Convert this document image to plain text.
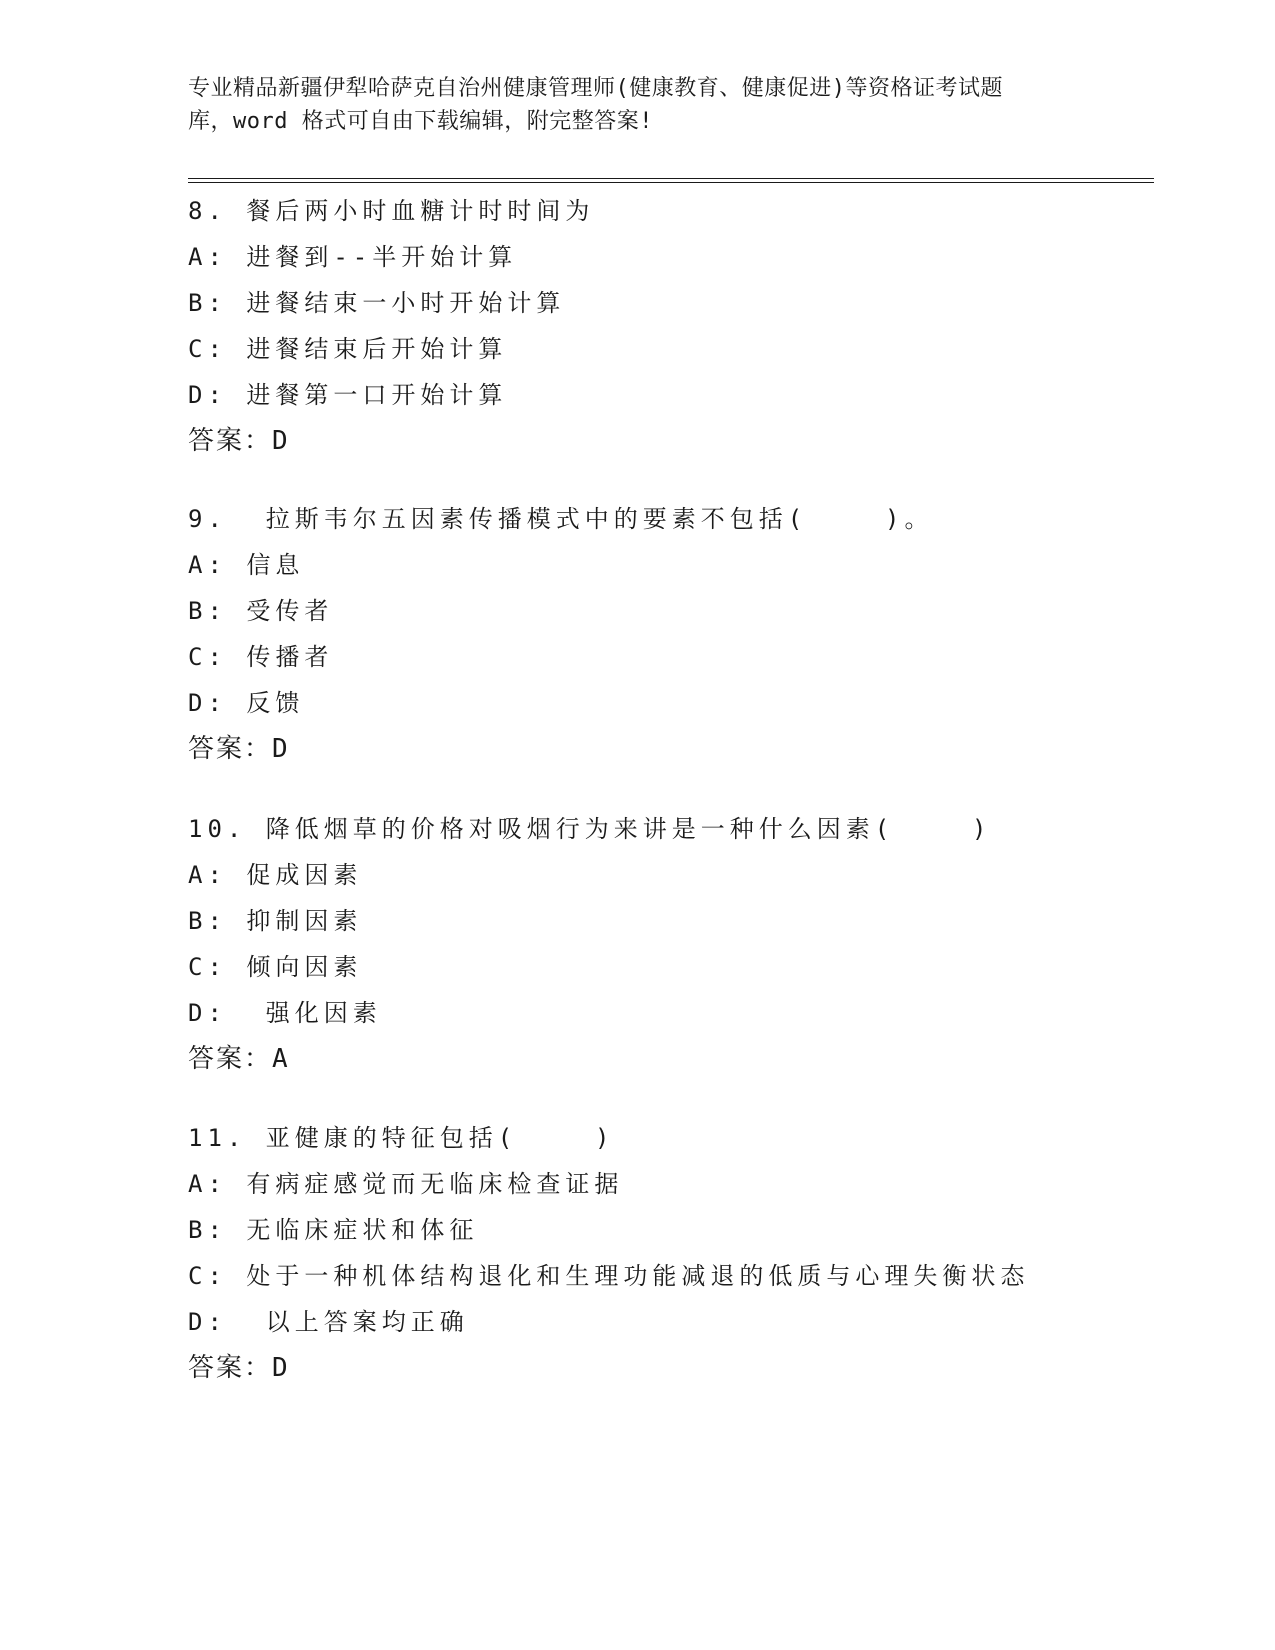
专业精品新疆伊犁哈萨克自治州健康管理师(健康教育、健康促进)等资格证考试题
库，word 格式可自由下载编辑，附完整答案!
8. 餐后两小时血糖计时时间为
A: 进餐到--半开始计算
B: 进餐结束一小时开始计算
C: 进餐结束后开始计算
D: 进餐第一口开始计算
答案：D
9.  拉斯韦尔五因素传播模式中的要素不包括(    )。
A: 信息
B: 受传者
C: 传播者
D: 反馈
答案：D
10. 降低烟草的价格对吸烟行为来讲是一种什么因素(    )
A: 促成因素
B: 抑制因素
C: 倾向因素
D:  强化因素
答案：A
11. 亚健康的特征包括(    )
A: 有病症感觉而无临床检查证据
B: 无临床症状和体征
C: 处于一种机体结构退化和生理功能减退的低质与心理失衡状态
D:  以上答案均正确
答案：D
